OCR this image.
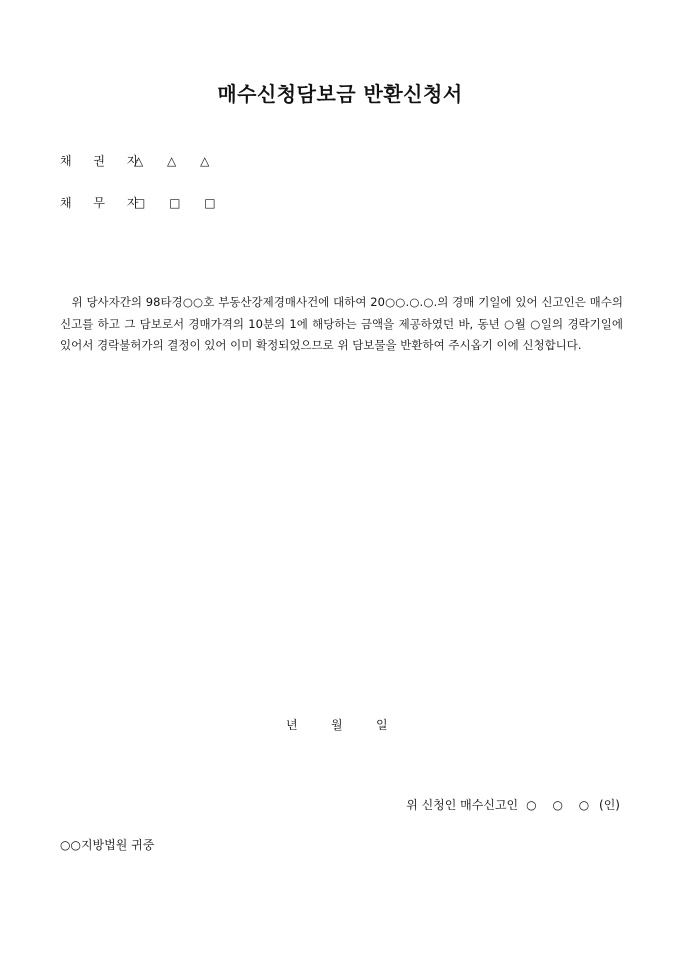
매수신청담보금 반환신청서
채 권 자
△ △ △
채 무 자
□ □ □
위 당사자간의 98타경○○호 부동산강제경매사건에 대하여 20○○.○.○.의 경매 기일에 있어 신고인은 매수의 신고를 하고 그 담보로서 경매가격의 10분의 1에 해당하는 금액을 제공하였던 바, 동년 ○월 ○일의 경락기일에 있어서 경락불허가의 결정이 있어 이미 확정되었으므로 위 담보물을 반환하여 주시옵기 이에 신청합니다.
년	월	일
위 신청인 매수신고인 ○ ○ ○ (인)
○○지방법원 귀중
